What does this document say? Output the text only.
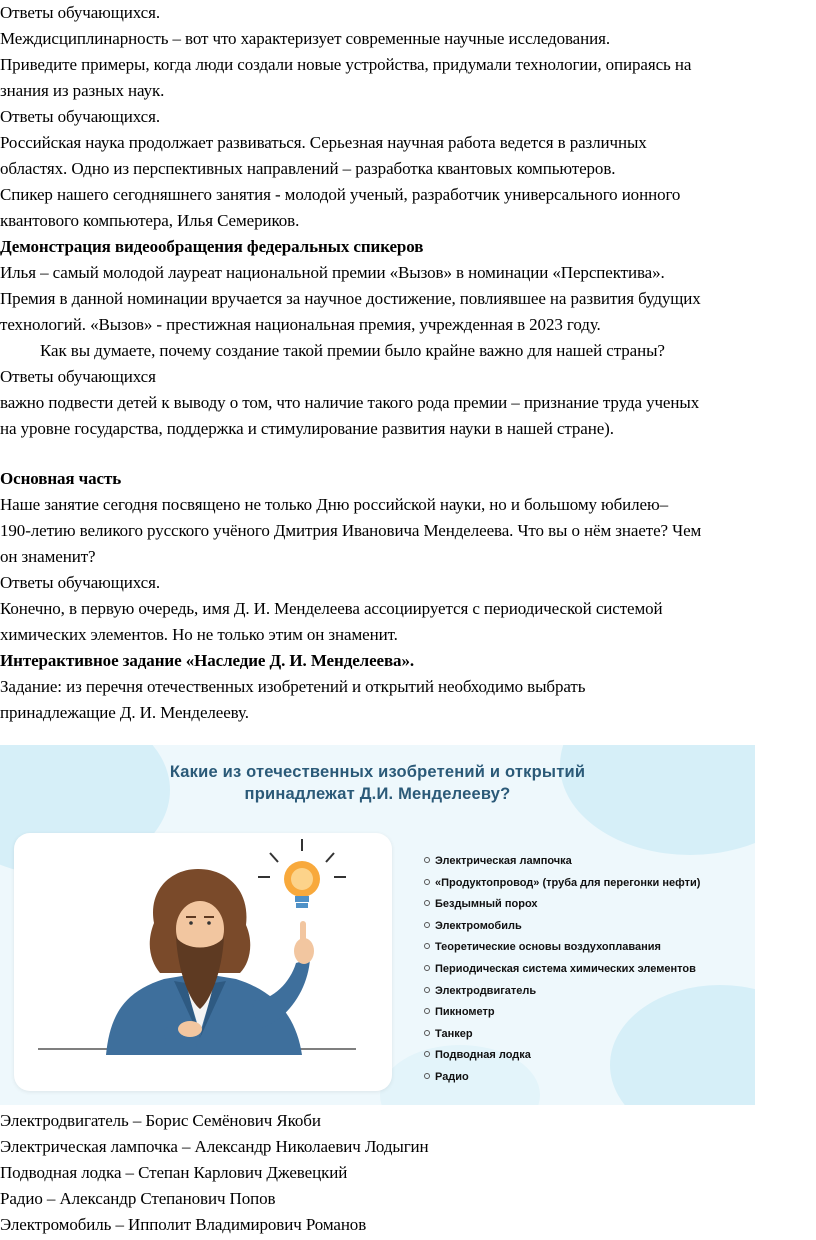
Ответы обучающихся.
Междисциплинарность – вот что характеризует современные научные исследования.
Приведите примеры, когда люди создали новые устройства, придумали технологии, опираясь на
знания из разных наук.
Ответы обучающихся.
Российская наука продолжает развиваться. Серьезная научная работа ведется в различных
областях. Одно из перспективных направлений – разработка квантовых компьютеров.
Спикер нашего сегодняшнего занятия - молодой ученый, разработчик универсального ионного
квантового компьютера, Илья Семериков.
Демонстрация видеообращения федеральных спикеров
Илья – самый молодой лауреат национальной премии «Вызов» в номинации «Перспектива».
Премия в данной номинации вручается за научное достижение, повлиявшее на развития будущих
технологий. «Вызов» - престижная национальная премия, учрежденная в 2023 году.
Как вы думаете, почему создание такой премии было крайне важно для нашей страны?
Ответы обучающихся
важно подвести детей к выводу о том, что наличие такого рода премии – признание труда ученых
на уровне государства, поддержка и стимулирование развития науки в нашей стране).
Основная часть
Наше занятие сегодня посвящено не только Дню российской науки, но и большому юбилею–
190-летию великого русского учёного Дмитрия Ивановича Менделеева. Что вы о нём знаете? Чем
он знаменит?
Ответы обучающихся.
Конечно, в первую очередь, имя Д. И. Менделеева ассоциируется с периодической системой
химических элементов. Но не только этим он знаменит.
Интерактивное задание «Наследие Д. И. Менделеева».
Задание: из перечня отечественных изобретений и открытий необходимо выбрать
принадлежащие Д. И. Менделееву.
Какие из отечественных изобретений и открытий
принадлежат Д.И. Менделееву?
Электрическая лампочка
«Продуктопровод» (труба для перегонки нефти)
Бездымный порох
Электромобиль
Теоретические основы воздухоплавания
Периодическая система химических элементов
Электродвигатель
Пикнометр
Танкер
Подводная лодка
Радио
Электродвигатель – Борис Семёнович Якоби
Электрическая лампочка – Александр Николаевич Лодыгин
Подводная лодка – Степан Карлович Джевецкий
Радио – Александр Степанович Попов
Электромобиль – Ипполит Владимирович Романов
